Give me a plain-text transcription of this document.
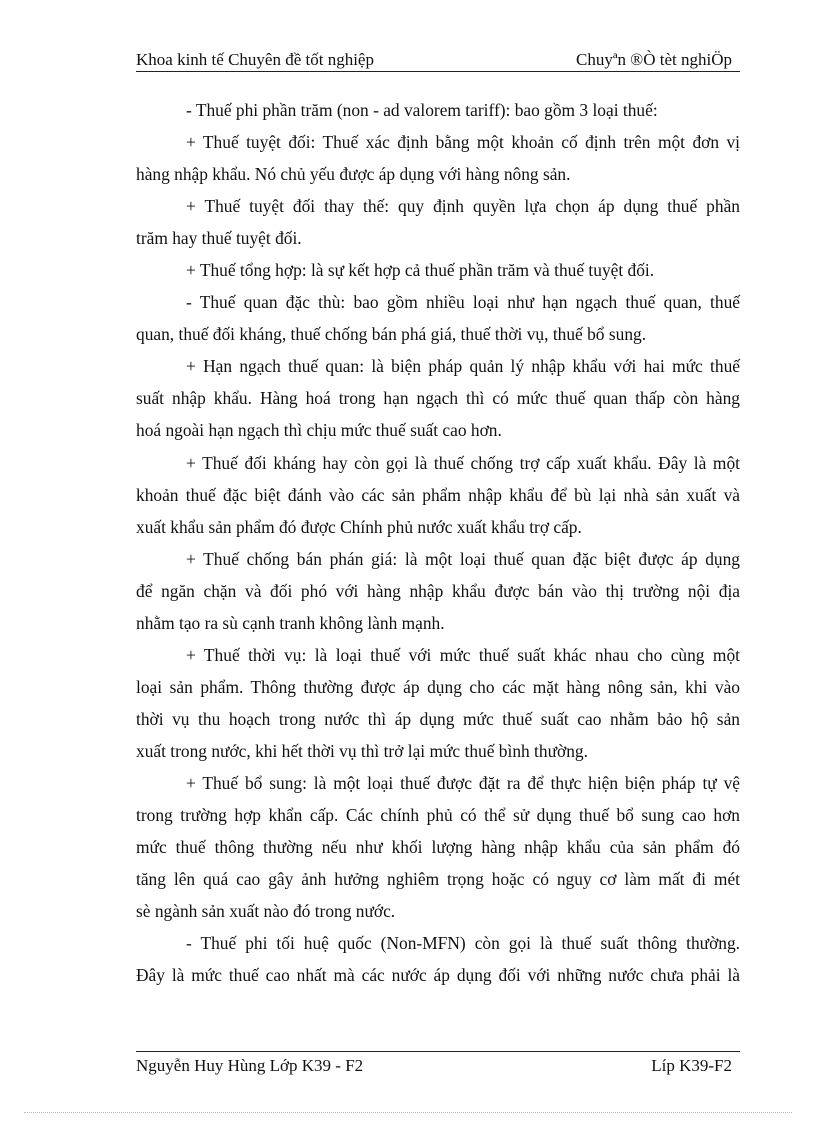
Khoa kinh tế Chuyên đề tốt nghiệp	Chuyªn ®Ò tèt nghiÖp
- Thuế phi phần trăm (non - ad valorem tariff): bao gồm 3 loại thuế:
+ Thuế tuyệt đối: Thuế xác định bằng một khoản cố định trên một đơn vị
hàng nhập khẩu. Nó chủ yếu được áp dụng với hàng nông sản.
+ Thuế tuyệt đối thay thế: quy định quyền lựa chọn áp dụng thuế phần
trăm hay thuế tuyệt đối.
+ Thuế tổng hợp: là sự kết hợp cả thuế phần trăm và thuế tuyệt đối.
- Thuế quan đặc thù: bao gồm nhiều loại như hạn ngạch thuế quan, thuế
quan, thuế đối kháng, thuế chống bán phá giá, thuế thời vụ, thuế bổ sung.
+ Hạn ngạch thuế quan: là biện pháp quản lý nhập khẩu với hai mức thuế
suất nhập khẩu. Hàng hoá trong hạn ngạch thì có mức thuế quan thấp còn hàng
hoá ngoài hạn ngạch thì chịu mức thuế suất cao hơn.
+ Thuế đối kháng hay còn gọi là thuế chống trợ cấp xuất khẩu. Đây là một
khoản thuế đặc biệt đánh vào các sản phẩm nhập khẩu để bù lại nhà sản xuất và
xuất khẩu sản phẩm đó được Chính phủ nước xuất khẩu trợ cấp.
+ Thuế chống bán phán giá: là một loại thuế quan đặc biệt được áp dụng
để ngăn chặn và đối phó với hàng nhập khẩu được bán vào thị trường nội địa
nhằm tạo ra sù cạnh tranh không lành mạnh.
+ Thuế thời vụ: là loại thuế với mức thuế suất khác nhau cho cùng một
loại sản phẩm. Thông thường được áp dụng cho các mặt hàng nông sản, khi vào
thời vụ thu hoạch trong nước thì áp dụng mức thuế suất cao nhằm bảo hộ sản
xuất trong nước, khi hết thời vụ thì trở lại mức thuế bình thường.
+ Thuế bổ sung: là một loại thuế được đặt ra để thực hiện biện pháp tự vệ
trong trường hợp khẩn cấp. Các chính phủ có thể sử dụng thuế bổ sung cao hơn
mức thuế thông thường nếu như khối lượng hàng nhập khẩu của sản phẩm đó
tăng lên quá cao gây ảnh hưởng nghiêm trọng hoặc có nguy cơ làm mất đi mét
sè ngành sản xuất nào đó trong nước.
- Thuế phi tối huệ quốc (Non-MFN) còn gọi là thuế suất thông thường.
Đây là mức thuế cao nhất mà các nước áp dụng đối với những nước chưa phải là
Nguyễn Huy Hùng Lớp K39 - F2	Líp K39-F2
